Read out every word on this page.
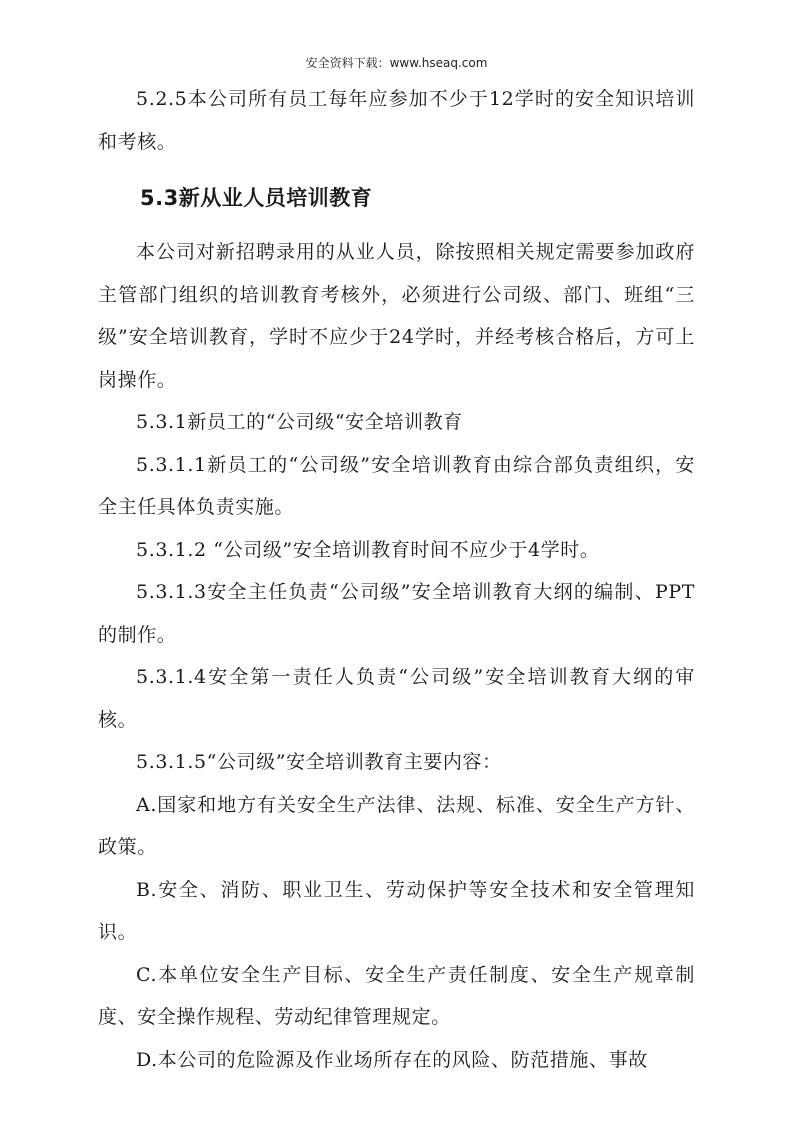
安全资料下载：www.hseaq.com

5.2.5本公司所有员工每年应参加不少于12学时的安全知识培训和考核。

5.3新从业人员培训教育

本公司对新招聘录用的从业人员，除按照相关规定需要参加政府主管部门组织的培训教育考核外，必须进行公司级、部门、班组“三级”安全培训教育，学时不应少于24学时，并经考核合格后，方可上岗操作。

5.3.1新员工的“公司级“安全培训教育

5.3.1.1新员工的“公司级”安全培训教育由综合部负责组织，安全主任具体负责实施。

5.3.1.2 “公司级”安全培训教育时间不应少于4学时。

5.3.1.3安全主任负责“公司级”安全培训教育大纲的编制、PPT的制作。

5.3.1.4安全第一责任人负责“公司级”安全培训教育大纲的审核。

5.3.1.5“公司级”安全培训教育主要内容：

A.国家和地方有关安全生产法律、法规、标准、安全生产方针、政策。

B.安全、消防、职业卫生、劳动保护等安全技术和安全管理知识。

C.本单位安全生产目标、安全生产责任制度、安全生产规章制度、安全操作规程、劳动纪律管理规定。

D.本公司的危险源及作业场所存在的风险、防范措施、事故
